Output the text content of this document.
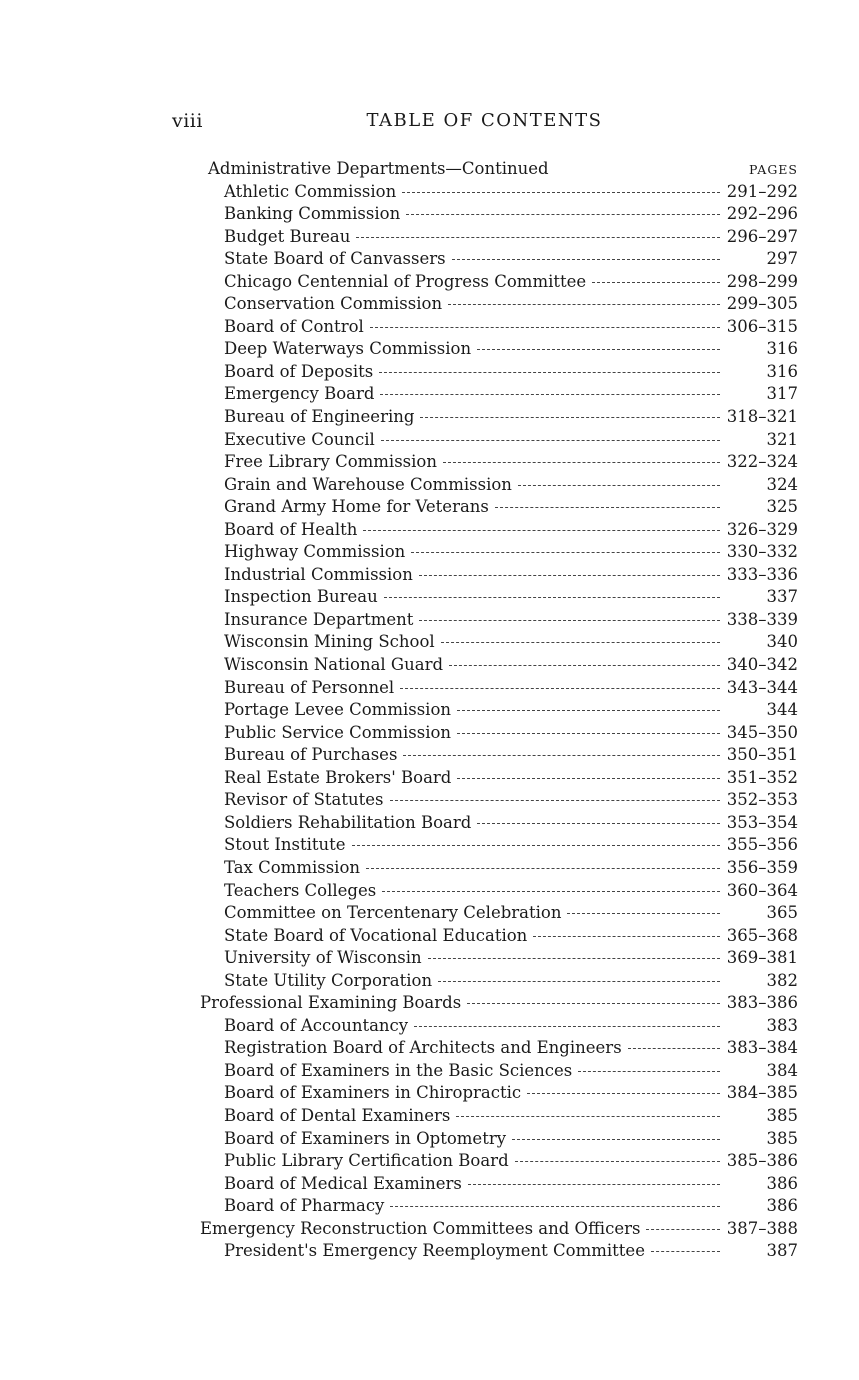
viii	TABLE OF CONTENTS
Administrative Departments—Continued	PAGES
Athletic Commission	291–292
Banking Commission	292–296
Budget Bureau	296–297
State Board of Canvassers	297
Chicago Centennial of Progress Committee	298–299
Conservation Commission	299–305
Board of Control	306–315
Deep Waterways Commission	316
Board of Deposits	316
Emergency Board	317
Bureau of Engineering	318–321
Executive Council	321
Free Library Commission	322–324
Grain and Warehouse Commission	324
Grand Army Home for Veterans	325
Board of Health	326–329
Highway Commission	330–332
Industrial Commission	333–336
Inspection Bureau	337
Insurance Department	338–339
Wisconsin Mining School	340
Wisconsin National Guard	340–342
Bureau of Personnel	343–344
Portage Levee Commission	344
Public Service Commission	345–350
Bureau of Purchases	350–351
Real Estate Brokers' Board	351–352
Revisor of Statutes	352–353
Soldiers Rehabilitation Board	353–354
Stout Institute	355–356
Tax Commission	356–359
Teachers Colleges	360–364
Committee on Tercentenary Celebration	365
State Board of Vocational Education	365–368
University of Wisconsin	369–381
State Utility Corporation	382
Professional Examining Boards	383–386
Board of Accountancy	383
Registration Board of Architects and Engineers	383–384
Board of Examiners in the Basic Sciences	384
Board of Examiners in Chiropractic	384–385
Board of Dental Examiners	385
Board of Examiners in Optometry	385
Public Library Certification Board	385–386
Board of Medical Examiners	386
Board of Pharmacy	386
Emergency Reconstruction Committees and Officers	387–388
President's Emergency Reemployment Committee	387
